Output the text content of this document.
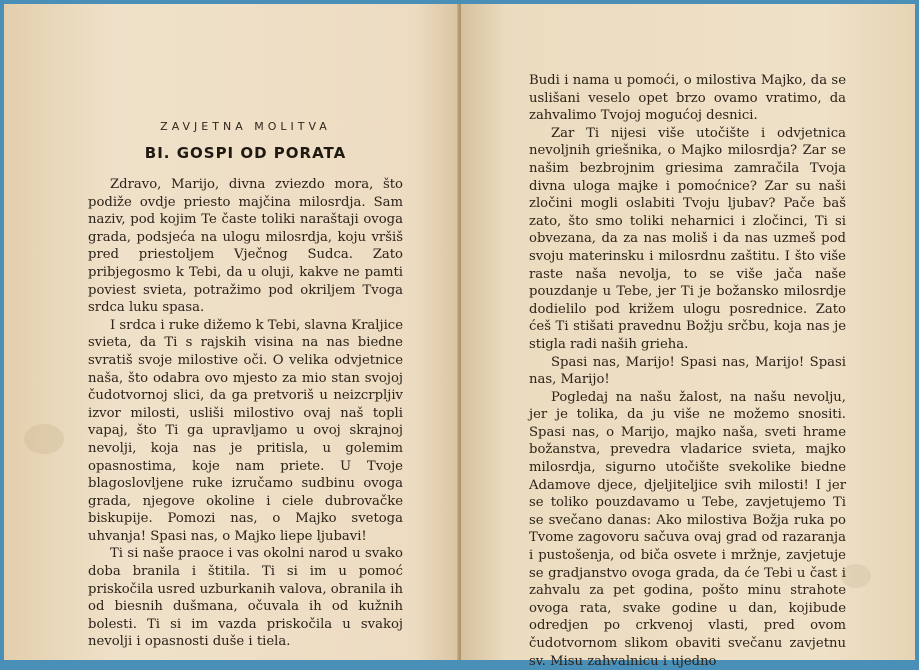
ZAVJETNA MOLITVA
BI. GOSPI OD PORATA

Zdravo, Marijo, divna zviezdo mora, što podiže ovdje priesto majčina milosrdja. Sam naziv, pod kojim Te časte toliki naraštaji ovoga grada, podsjeća na ulogu milosrdja, koju vršiš pred priestoljem Vječnog Sudca. Zato pribjegosmo k Tebi, da u oluji, kakve ne pamti poviest svieta, potražimo pod okriljem Tvoga srdca luku spasa.

I srdca i ruke dižemo k Tebi, slavna Kraljice svieta, da Ti s rajskih visina na nas biedne svratiš svoje milostive oči. O velika odvjetnice naša, što odabra ovo mjesto za mio stan svojoj čudotvornoj slici, da ga pretvoriš u neizcrpljiv izvor milosti, usliši milostivo ovaj naš topli vapaj, što Ti ga upravljamo u ovoj skrajnoj nevolji, koja nas je pritisla, u golemim opasnostima, koje nam priete. U Tvoje blagoslovljene ruke izručamo sudbinu ovoga grada, njegove okoline i ciele dubrovačke biskupije. Pomozi nas, o Majko svetoga uhvanja! Spasi nas, o Majko liepe ljubavi!

Ti si naše praoce i vas okolni narod u svako doba branila i štitila. Ti si im u pomoć priskočila usred uzburkanih valova, obranila ih od biesnih dušmana, očuvala ih od kužnih bolesti. Ti si im vazda priskočila u svakoj nevolji i opasnosti duše i tiela.

Budi i nama u pomoći, o milostiva Majko, da se uslišani veselo opet brzo ovamo vratimo, da zahvalimo Tvojoj mogućoj desnici.

Zar Ti nijesi više utočište i odvjetnica nevoljnih griešnika, o Majko milosrdja? Zar se našim bezbrojnim griesima zamračila Tvoja divna uloga majke i pomoćnice? Zar su naši zločini mogli oslabiti Tvoju ljubav? Pače baš zato, što smo toliki neharnici i zločinci, Ti si obvezana, da za nas moliš i da nas uzmeš pod svoju materinsku i milosrdnu zaštitu. I što više raste naša nevolja, to se više jača naše pouzdanje u Tebe, jer Ti je božansko milosrdje dodielilo pod križem ulogu posrednice. Zato ćeš Ti stišati pravednu Božju srčbu, koja nas je stigla radi naših grieha.

Spasi nas, Marijo! Spasi nas, Marijo! Spasi nas, Marijo!

Pogledaj na našu žalost, na našu nevolju, jer je tolika, da ju više ne možemo snositi. Spasi nas, o Marijo, majko naša, sveti hrame božanstva, prevedra vladarice svieta, majko milosrdja, sigurno utočište svekolike biedne Adamove djece, djeljiteljice svih milosti! I jer se toliko pouzdavamo u Tebe, zavjetujemo Ti se svečano danas: Ako milostiva Božja ruka po Tvome zagovoru sačuva ovaj grad od razaranja i pustošenja, od biča osvete i mržnje, zavjetuje se gradjanstvo ovoga grada, da će Tebi u čast i zahvalu za pet godina, pošto minu strahote ovoga rata, svake godine u dan, kojibude odredjen po crkvenoj vlasti, pred ovom čudotvornom slikom obaviti svečanu zavjetnu sv. Misu zahvalnicu i ujedno
